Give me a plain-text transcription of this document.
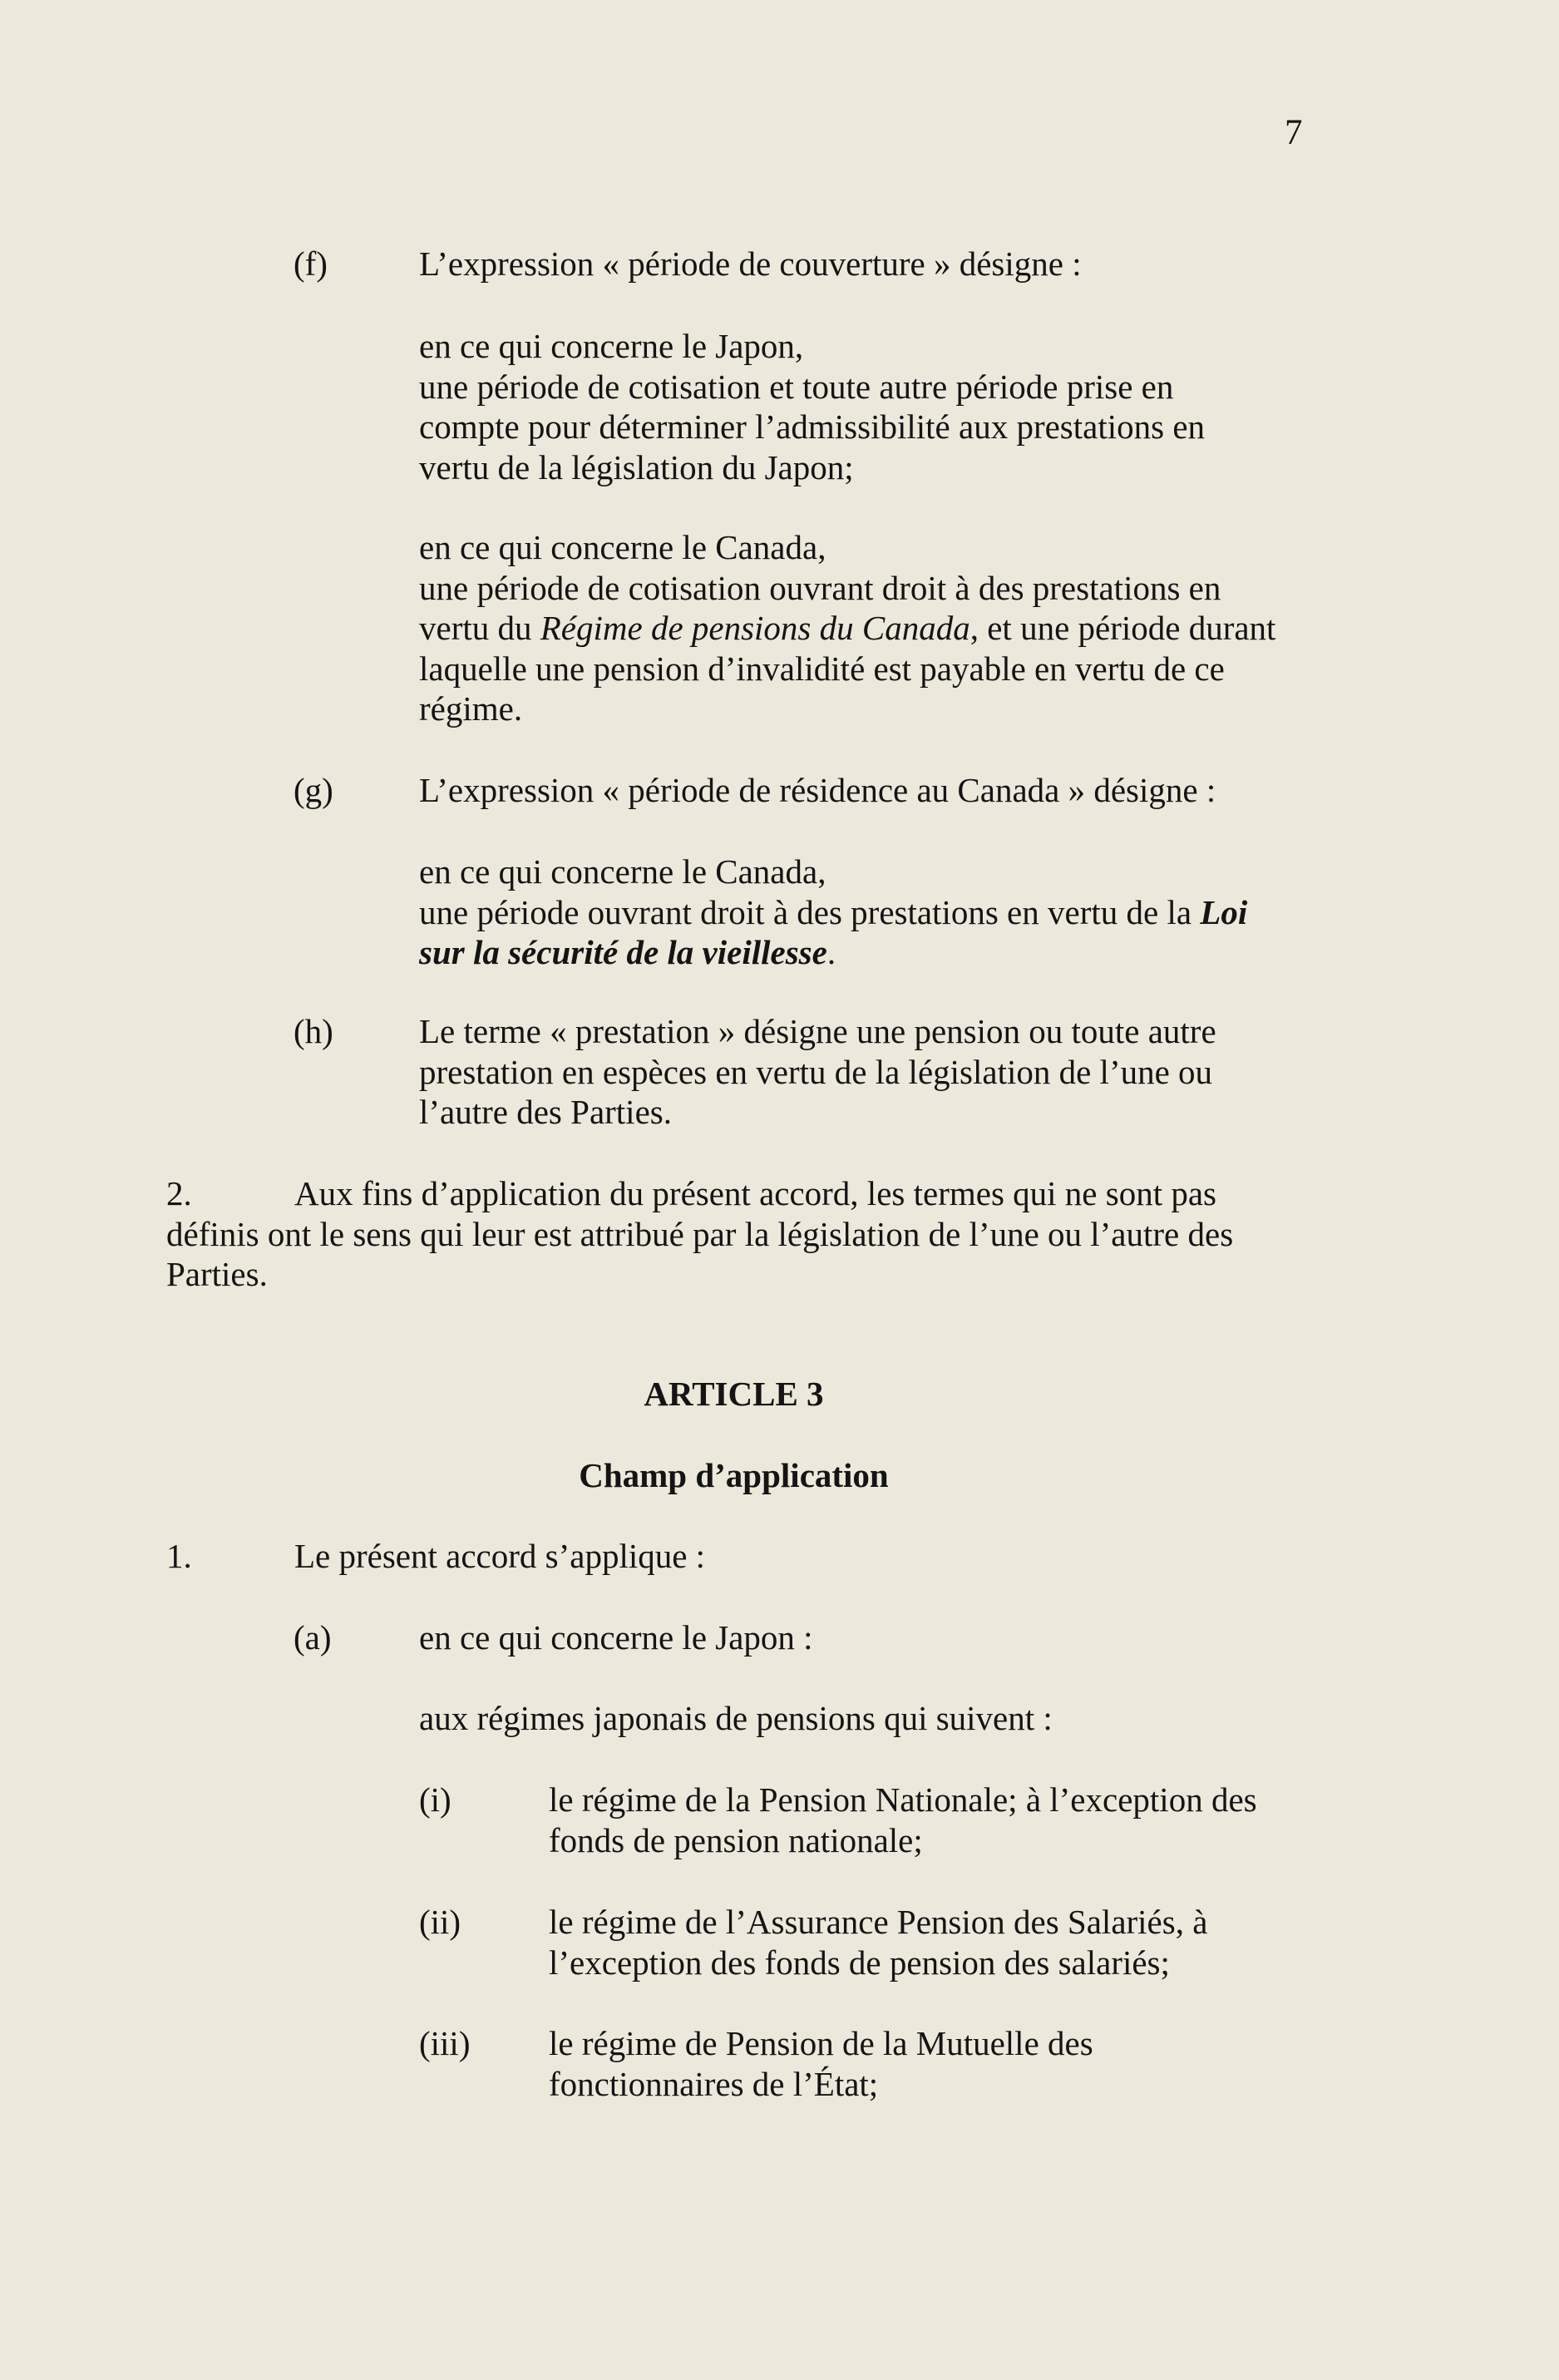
7
(f)	L’expression « période de couverture » désigne :
en ce qui concerne le Japon,
une période de cotisation et toute autre période prise en
compte pour déterminer l’admissibilité aux prestations en
vertu de la législation du Japon;
en ce qui concerne le Canada,
une période de cotisation ouvrant droit à des prestations en
vertu du Régime de pensions du Canada, et une période durant
laquelle une pension d’invalidité est payable en vertu de ce
régime.
(g)	L’expression « période de résidence au Canada » désigne :
en ce qui concerne le Canada,
une période ouvrant droit à des prestations en vertu de la Loi
sur la sécurité de la vieillesse.
(h)	Le terme « prestation » désigne une pension ou toute autre
prestation en espèces en vertu de la législation de l’une ou
l’autre des Parties.
2.	Aux fins d’application du présent accord, les termes qui ne sont pas
définis ont le sens qui leur est attribué par la législation de l’une ou l’autre des
Parties.
ARTICLE 3
Champ d’application
1.	Le présent accord s’applique :
(a)	en ce qui concerne le Japon :
aux régimes japonais de pensions qui suivent :
(i)	le régime de la Pension Nationale; à l’exception des
fonds de pension nationale;
(ii)	le régime de l’Assurance Pension des Salariés, à
l’exception des fonds de pension des salariés;
(iii) le régime de Pension de la Mutuelle des
fonctionnaires de l’État;
